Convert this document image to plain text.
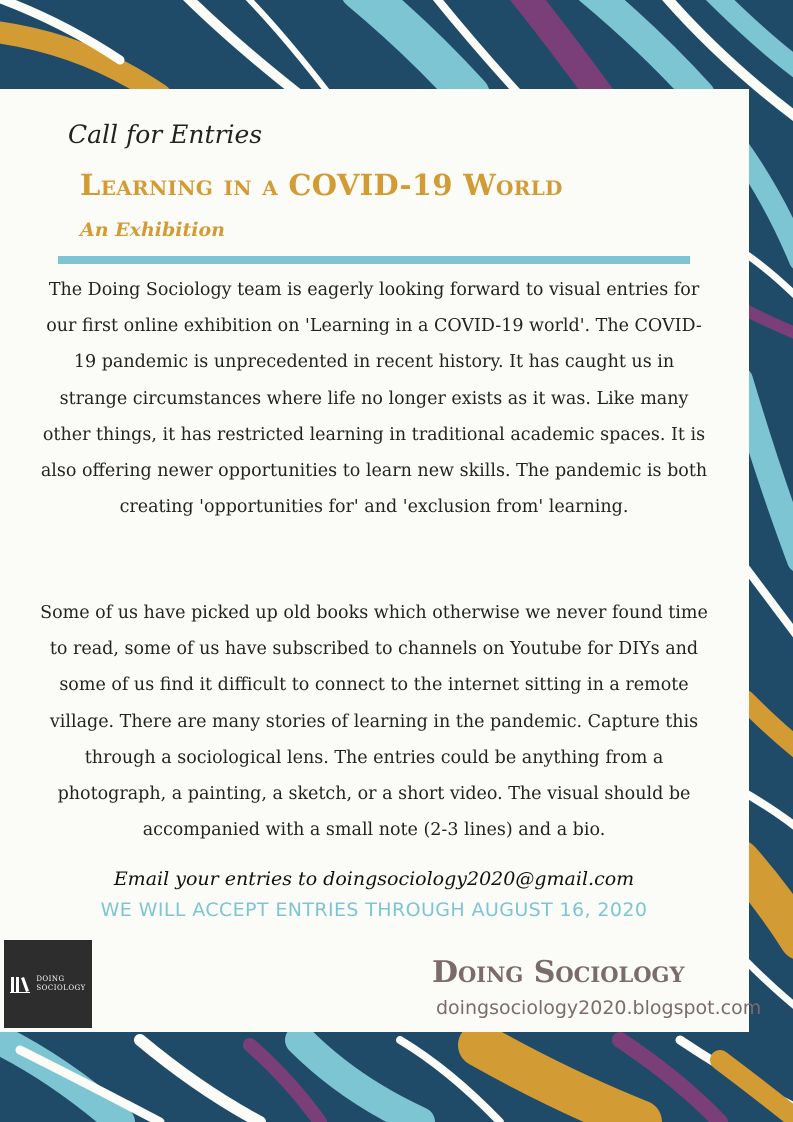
Call for Entries
Learning in a COVID-19 World
An Exhibition

The Doing Sociology team is eagerly looking forward to visual entries for our first online exhibition on 'Learning in a COVID-19 world'. The COVID-19 pandemic is unprecedented in recent history. It has caught us in strange circumstances where life no longer exists as it was. Like many other things, it has restricted learning in traditional academic spaces. It is also offering newer opportunities to learn new skills. The pandemic is both creating 'opportunities for' and 'exclusion from' learning.

Some of us have picked up old books which otherwise we never found time to read, some of us have subscribed to channels on Youtube for DIYs and some of us find it difficult to connect to the internet sitting in a remote village. There are many stories of learning in the pandemic. Capture this through a sociological lens. The entries could be anything from a photograph, a painting, a sketch, or a short video. The visual should be accompanied with a small note (2-3 lines) and a bio.

Email your entries to doingsociology2020@gmail.com

WE WILL ACCEPT ENTRIES THROUGH AUGUST 16, 2020

DOING
SOCIOLOGY	Doing Sociology

doingsociology2020.blogspot.com
